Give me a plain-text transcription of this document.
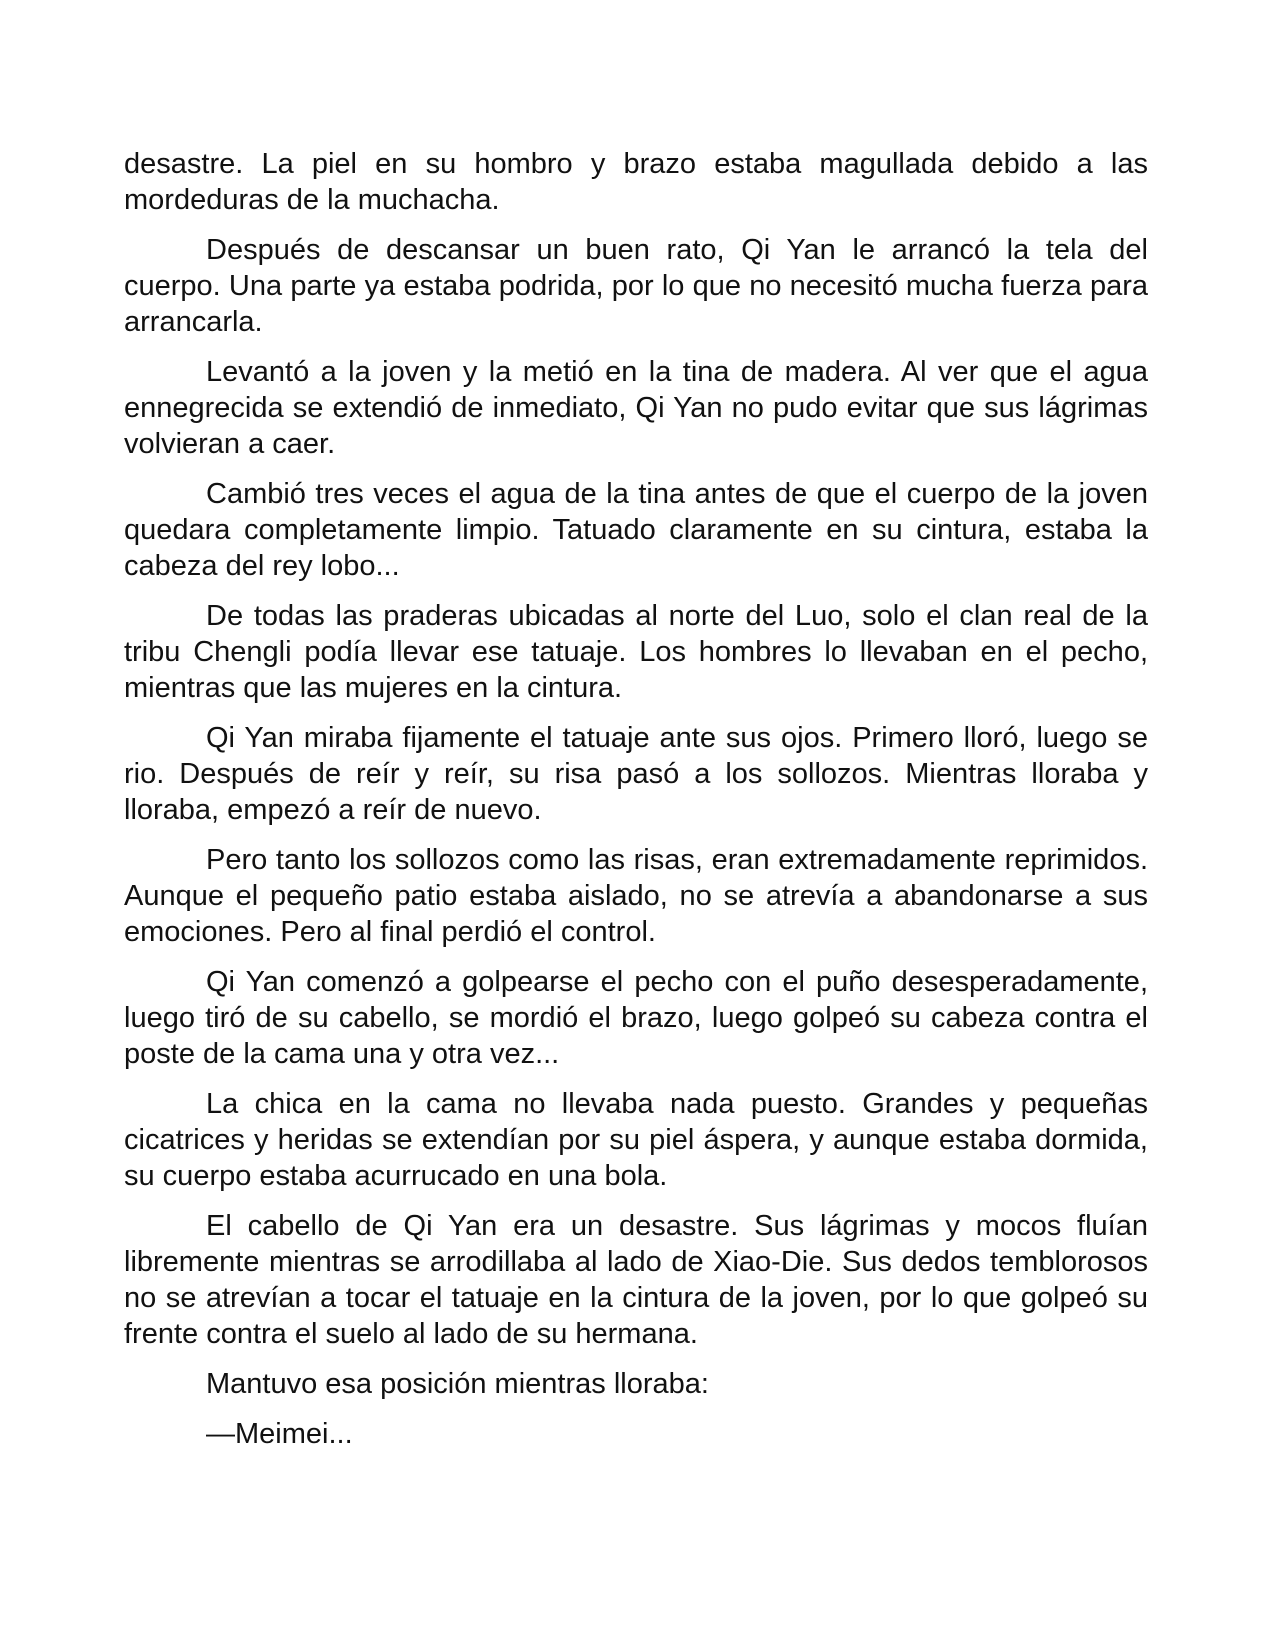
desastre. La piel en su hombro y brazo estaba magullada debido a las mordeduras de la muchacha.

Después de descansar un buen rato, Qi Yan le arrancó la tela del cuerpo. Una parte ya estaba podrida, por lo que no necesitó mucha fuerza para arrancarla.

Levantó a la joven y la metió en la tina de madera. Al ver que el agua ennegrecida se extendió de inmediato, Qi Yan no pudo evitar que sus lágrimas volvieran a caer.

Cambió tres veces el agua de la tina antes de que el cuerpo de la joven quedara completamente limpio. Tatuado claramente en su cintura, estaba la cabeza del rey lobo...

De todas las praderas ubicadas al norte del Luo, solo el clan real de la tribu Chengli podía llevar ese tatuaje. Los hombres lo llevaban en el pecho, mientras que las mujeres en la cintura.

Qi Yan miraba fijamente el tatuaje ante sus ojos. Primero lloró, luego se rio. Después de reír y reír, su risa pasó a los sollozos. Mientras lloraba y lloraba, empezó a reír de nuevo.

Pero tanto los sollozos como las risas, eran extremadamente reprimidos. Aunque el pequeño patio estaba aislado, no se atrevía a abandonarse a sus emociones. Pero al final perdió el control.

Qi Yan comenzó a golpearse el pecho con el puño desesperadamente, luego tiró de su cabello, se mordió el brazo, luego golpeó su cabeza contra el poste de la cama una y otra vez...

La chica en la cama no llevaba nada puesto. Grandes y pequeñas cicatrices y heridas se extendían por su piel áspera, y aunque estaba dormida, su cuerpo estaba acurrucado en una bola.

El cabello de Qi Yan era un desastre. Sus lágrimas y mocos fluían libremente mientras se arrodillaba al lado de Xiao-Die. Sus dedos temblorosos no se atrevían a tocar el tatuaje en la cintura de la joven, por lo que golpeó su frente contra el suelo al lado de su hermana.

Mantuvo esa posición mientras lloraba:

—Meimei...
